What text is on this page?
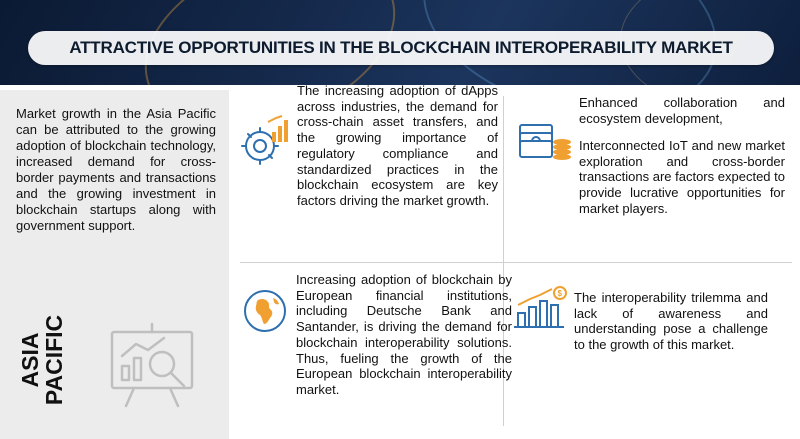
ATTRACTIVE OPPORTUNITIES IN THE BLOCKCHAIN INTEROPERABILITY MARKET
Market growth in the Asia Pacific can be attributed to the growing adoption of blockchain technology, increased demand for cross-border payments and transactions and the growing investment in blockchain startups along with government support.
ASIA
PACIFIC
The increasing adoption of dApps across industries, the demand for cross-chain asset transfers, and the growing importance of regulatory compliance and standardized practices in the blockchain ecosystem are key factors driving the market growth.
Enhanced collaboration and ecosystem development,
Interconnected IoT and new market exploration and cross-border transactions are factors expected to provide lucrative opportunities for market players.
Increasing adoption of blockchain by European financial institutions, including Deutsche Bank and Santander, is driving the demand for blockchain interoperability solutions. Thus, fueling the growth of the European blockchain interoperability market.
$ The interoperability trilemma and lack of awareness and understanding pose a challenge to the growth of this market.
